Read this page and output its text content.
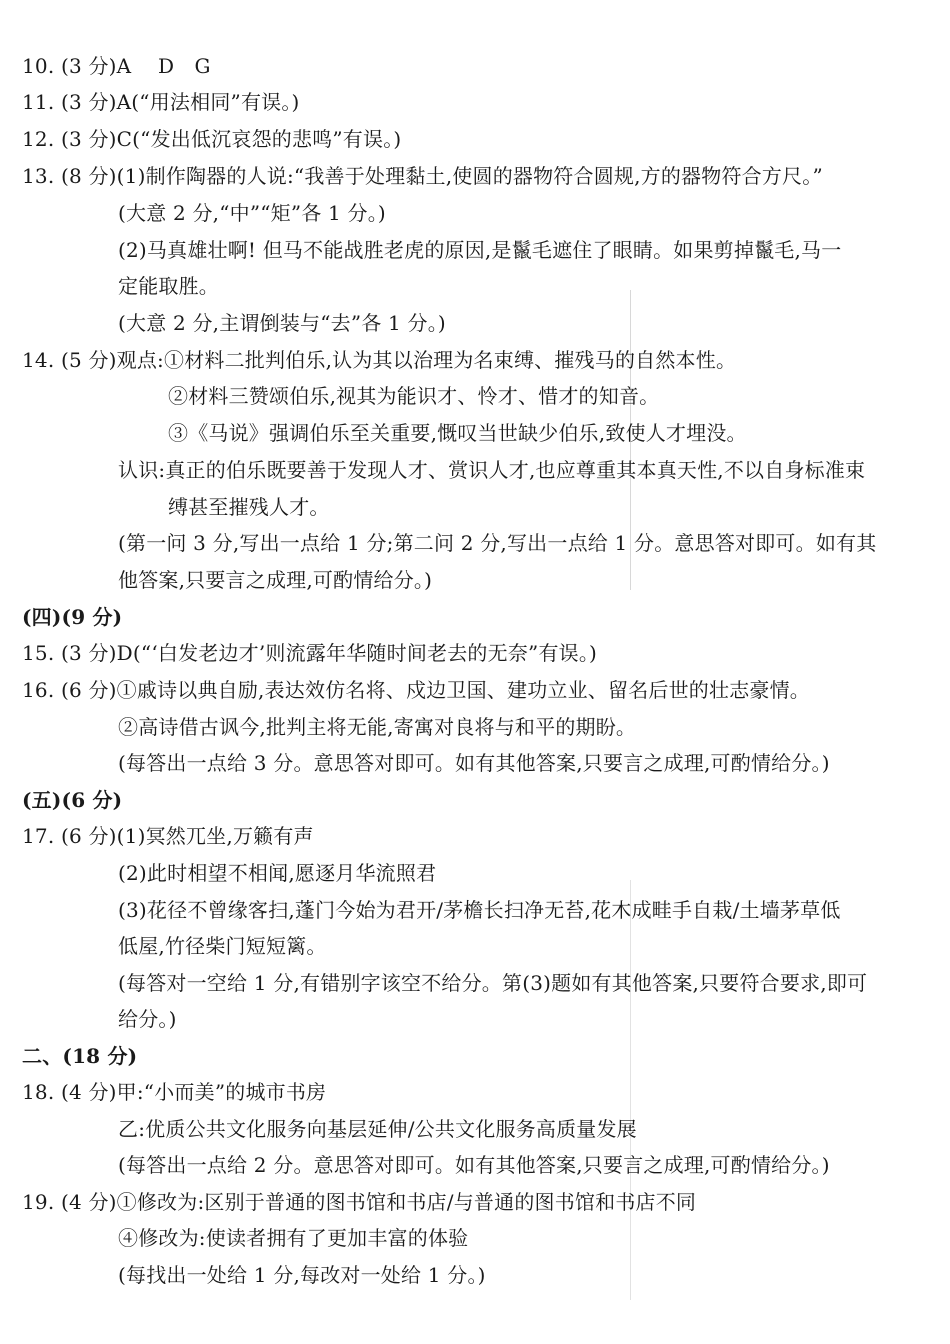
10. (3 分)A　 D　G
11. (3 分)A(“用法相同”有误。)
12. (3 分)C(“发出低沉哀怨的悲鸣”有误。)
13. (8 分)(1)制作陶器的人说:“我善于处理黏土,使圆的器物符合圆规,方的器物符合方尺。”
(大意 2 分,“中”“矩”各 1 分。)
(2)马真雄壮啊! 但马不能战胜老虎的原因,是鬣毛遮住了眼睛。如果剪掉鬣毛,马一
定能取胜。
(大意 2 分,主谓倒装与“去”各 1 分。)
14. (5 分)观点:①材料二批判伯乐,认为其以治理为名束缚、摧残马的自然本性。
②材料三赞颂伯乐,视其为能识才、怜才、惜才的知音。
③《马说》强调伯乐至关重要,慨叹当世缺少伯乐,致使人才埋没。
认识:真正的伯乐既要善于发现人才、赏识人才,也应尊重其本真天性,不以自身标准束
缚甚至摧残人才。
(第一问 3 分,写出一点给 1 分;第二问 2 分,写出一点给 1 分。意思答对即可。如有其
他答案,只要言之成理,可酌情给分。)
(四)(9 分)
15. (3 分)D(“‘白发老边才’则流露年华随时间老去的无奈”有误。)
16. (6 分)①戚诗以典自励,表达效仿名将、戍边卫国、建功立业、留名后世的壮志豪情。
②高诗借古讽今,批判主将无能,寄寓对良将与和平的期盼。
(每答出一点给 3 分。意思答对即可。如有其他答案,只要言之成理,可酌情给分。)
(五)(6 分)
17. (6 分)(1)冥然兀坐,万籁有声
(2)此时相望不相闻,愿逐月华流照君
(3)花径不曾缘客扫,蓬门今始为君开/茅檐长扫净无苔,花木成畦手自栽/土墙茅草低
低屋,竹径柴门短短篱。
(每答对一空给 1 分,有错别字该空不给分。第(3)题如有其他答案,只要符合要求,即可
给分。)
二、(18 分)
18. (4 分)甲:“小而美”的城市书房
乙:优质公共文化服务向基层延伸/公共文化服务高质量发展
(每答出一点给 2 分。意思答对即可。如有其他答案,只要言之成理,可酌情给分。)
19. (4 分)①修改为:区别于普通的图书馆和书店/与普通的图书馆和书店不同
④修改为:使读者拥有了更加丰富的体验
(每找出一处给 1 分,每改对一处给 1 分。)
